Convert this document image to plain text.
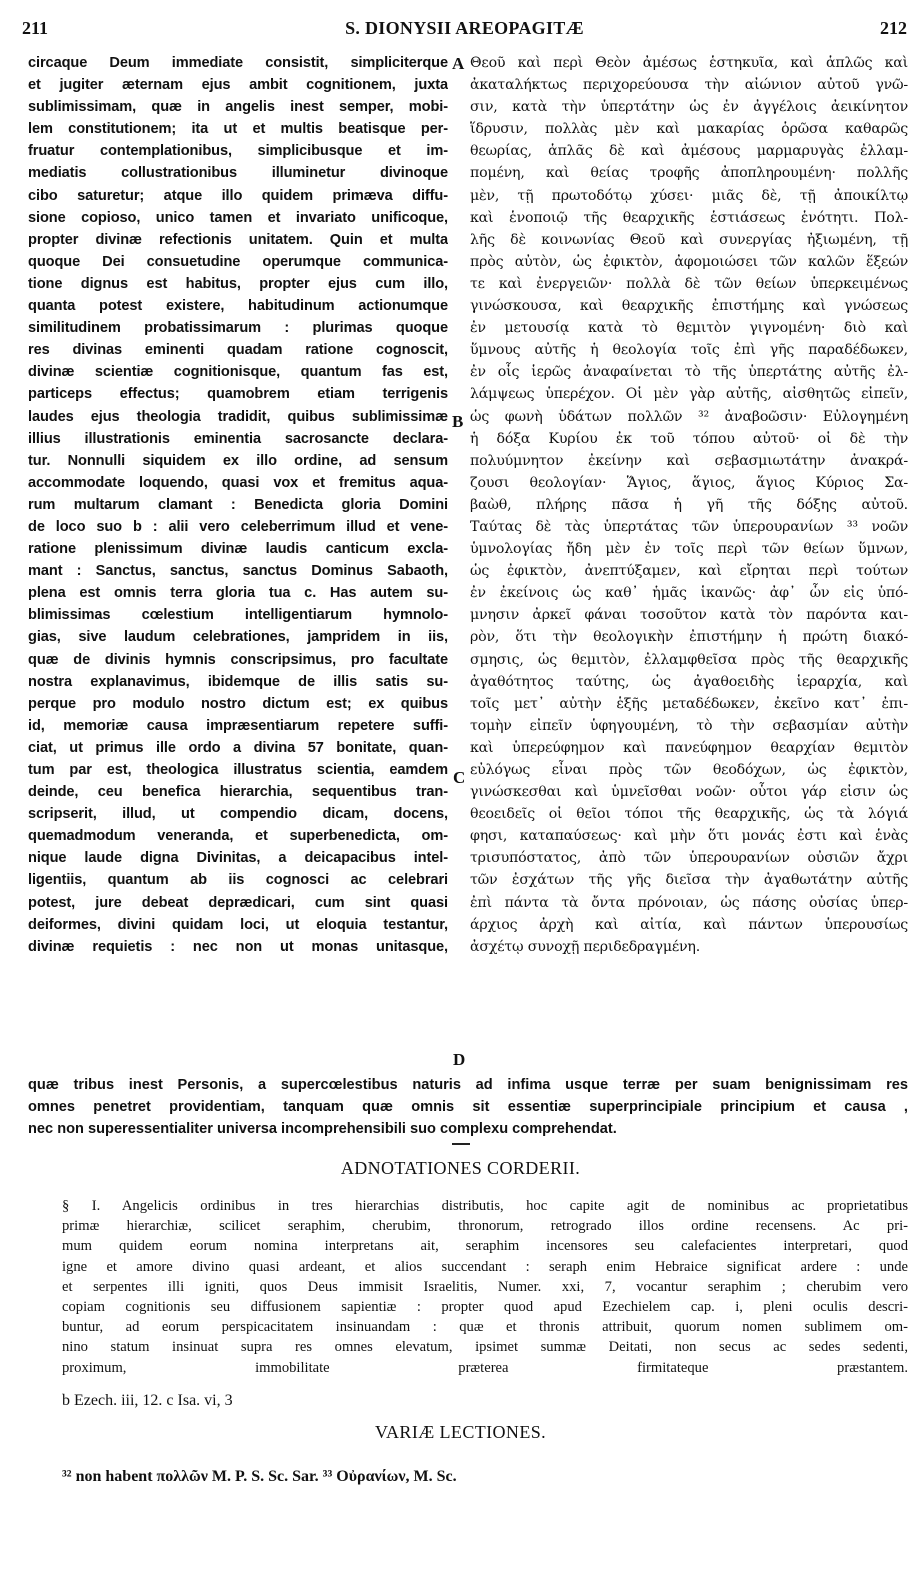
211	S. DIONYSII AREOPAGITÆ	212
circaque Deum immediate consistit, simpliciterque
et jugiter æternam ejus ambit cognitionem, juxta
sublimissimam, quæ in angelis inest semper, mobi-
lem constitutionem; ita ut et multis beatisque per-
fruatur contemplationibus, simplicibusque et im-
mediatis collustrationibus illuminetur divinoque
cibo saturetur; atque illo quidem primæva diffu-
sione copioso, unico tamen et invariato unificoque,
propter divinæ refectionis unitatem. Quin et multa
quoque Dei consuetudine operumque communica-
tione dignus est habitus, propter ejus cum illo,
quanta potest existere, habitudinum actionumque
similitudinem probatissimarum : plurimas quoque
res divinas eminenti quadam ratione cognoscit,
divinæ scientiæ cognitionisque, quantum fas est,
particeps effectus; quamobrem etiam terrigenis
laudes ejus theologia tradidit, quibus sublimissimæ
illius illustrationis eminentia sacrosancte declara-
tur. Nonnulli siquidem ex illo ordine, ad sensum
accommodate loquendo, quasi vox et fremitus aqua-
rum multarum clamant : Benedicta gloria Domini
de loco suo b : alii vero celeberrimum illud et vene-
ratione plenissimum divinæ laudis canticum excla-
mant : Sanctus, sanctus, sanctus Dominus Sabaoth,
plena est omnis terra gloria tua c. Has autem su-
blimissimas cœlestium intelligentiarum hymnolo-
gias, sive laudum celebrationes, jampridem in iis,
quæ de divinis hymnis conscripsimus, pro facultate
nostra explanavimus, ibidemque de illis satis su-
perque pro modulo nostro dictum est; ex quibus
id, memoriæ causa impræsentiarum repetere suffi-
ciat, ut primus ille ordo a divina 57 bonitate, quan-
tum par est, theologica illustratus scientia, eamdem
deinde, ceu benefica hierarchia, sequentibus tran-
scripserit, illud, ut compendio dicam, docens,
quemadmodum veneranda, et superbenedicta, om-
nique laude digna Divinitas, a deicapacibus intel-
ligentiis, quantum ab iis cognosci ac celebrari
potest, jure debeat deprædicari, cum sint quasi
deiformes, divini quidam loci, ut eloquia testantur,
divinæ requietis : nec non ut monas unitasque,
Θεοῦ καὶ περὶ Θεὸν ἀμέσως ἑστηκυῖα, καὶ ἁπλῶς καὶ
ἀκαταλήκτως περιχορεύουσα τὴν αἰώνιον αὐτοῦ γνῶ-
σιν, κατὰ τὴν ὑπερτάτην ὡς ἐν ἀγγέλοις ἀεικίνητον
ἵδρυσιν, πολλὰς μὲν καὶ μακαρίας ὁρῶσα καθαρῶς
θεωρίας, ἁπλᾶς δὲ καὶ ἀμέσους μαρμαρυγὰς ἐλλαμ-
πομένη, καὶ θείας τροφῆς ἀποπληρουμένη· πολλῆς
μὲν, τῇ πρωτοδότῳ χύσει· μιᾶς δὲ, τῇ ἀποικίλτῳ
καὶ ἑνοποιῷ τῆς θεαρχικῆς ἑστιάσεως ἑνότητι. Πολ-
λῆς δὲ κοινωνίας Θεοῦ καὶ συνεργίας ἠξιωμένη, τῇ
πρὸς αὐτὸν, ὡς ἐφικτὸν, ἀφομοιώσει τῶν καλῶν ἕξεών
τε καὶ ἐνεργειῶν· πολλὰ δὲ τῶν θείων ὑπερκειμένως
γινώσκουσα, καὶ θεαρχικῆς ἐπιστήμης καὶ γνώσεως
ἐν μετουσίᾳ κατὰ τὸ θεμιτὸν γιγνομένη· διὸ καὶ
ὕμνους αὐτῆς ἡ θεολογία τοῖς ἐπὶ γῆς παραδέδωκεν,
ἐν οἷς ἱερῶς ἀναφαίνεται τὸ τῆς ὑπερτάτης αὐτῆς ἐλ-
λάμψεως ὑπερέχον. Οἱ μὲν γὰρ αὐτῆς, αἰσθητῶς εἰπεῖν,
ὡς φωνὴ ὑδάτων πολλῶν ³² ἀναβοῶσιν· Εὐλογημένη
ἡ δόξα Κυρίου ἐκ τοῦ τόπου αὐτοῦ· οἱ δὲ τὴν
πολυύμνητον ἐκείνην καὶ σεβασμιωτάτην ἀνακρά-
ζουσι θεολογίαν· Ἅγιος, ἅγιος, ἅγιος Κύριος Σα-
βαὼθ, πλήρης πᾶσα ἡ γῆ τῆς δόξης αὐτοῦ.
Ταύτας δὲ τὰς ὑπερτάτας τῶν ὑπερουρανίων ³³ νοῶν
ὑμνολογίας ἤδη μὲν ἐν τοῖς περὶ τῶν θείων ὕμνων,
ὡς ἐφικτὸν, ἀνεπτύξαμεν, καὶ εἴρηται περὶ τούτων
ἐν ἐκείνοις ὡς καθ᾽ ἡμᾶς ἱκανῶς· ἀφ᾽ ὧν εἰς ὑπό-
μνησιν ἀρκεῖ φάναι τοσοῦτον κατὰ τὸν παρόντα και-
ρὸν, ὅτι τὴν θεολογικὴν ἐπιστήμην ἡ πρώτη διακό-
σμησις, ὡς θεμιτὸν, ἐλλαμφθεῖσα πρὸς τῆς θεαρχικῆς
ἀγαθότητος ταύτης, ὡς ἀγαθοειδὴς ἱεραρχία, καὶ
τοῖς μετ᾽ αὐτὴν ἑξῆς μεταδέδωκεν, ἐκεῖνο κατ᾽ ἐπι-
τομὴν εἰπεῖν ὑφηγουμένη, τὸ τὴν σεβασμίαν αὐτὴν
καὶ ὑπερεύφημον καὶ πανεύφημον θεαρχίαν θεμιτὸν
εὐλόγως εἶναι πρὸς τῶν θεοδόχων, ὡς ἐφικτὸν,
γινώσκεσθαι καὶ ὑμνεῖσθαι νοῶν· οὗτοι γάρ εἰσιν ὡς
θεοειδεῖς οἱ θεῖοι τόποι τῆς θεαρχικῆς, ὡς τὰ λόγιά
φησι, καταπαύσεως· καὶ μὴν ὅτι μονάς ἐστι καὶ ἑνὰς
τρισυπόστατος, ἀπὸ τῶν ὑπερουρανίων οὐσιῶν ἄχρι
τῶν ἐσχάτων τῆς γῆς διεῖσα τὴν ἀγαθωτάτην αὐτῆς
ἐπὶ πάντα τὰ ὄντα πρόνοιαν, ὡς πάσης οὐσίας ὑπερ-
άρχιος ἀρχὴ καὶ αἰτία, καὶ πάντων ὑπερουσίως
ἀσχέτῳ συνοχῇ περιδεδραγμένη.
A
B
C
D
quæ tribus inest Personis, a supercœlestibus naturis ad infima usque terræ per suam benignissimam res
omnes penetret providentiam, tanquam quæ omnis sit essentiæ superprincipiale principium et causa ,
nec non superessentialiter universa incomprehensibili suo complexu comprehendat.
ADNOTATIONES CORDERII.
§ I. Angelicis ordinibus in tres hierarchias distributis, hoc capite agit de nominibus ac proprietatibus
primæ hierarchiæ, scilicet seraphim, cherubim, thronorum, retrogrado illos ordine recensens. Ac pri-
mum quidem eorum nomina interpretans ait, seraphim incensores seu calefacientes interpretari, quod
igne et amore divino quasi ardeant, et alios succendant : seraph enim Hebraice significat ardere : unde
et serpentes illi igniti, quos Deus immisit Israelitis, Numer. xxi, 7, vocantur seraphim ; cherubim vero
copiam cognitionis seu diffusionem sapientiæ : propter quod apud Ezechielem cap. i, pleni oculis descri-
buntur, ad eorum perspicacitatem insinuandam : quæ et thronis attribuit, quorum nomen sublimem om-
nino statum insinuat supra res omnes elevatum, ipsimet summæ Deitati, non secus ac sedes sedenti,
proximum, immobilitate præterea firmitateque præstantem.
b Ezech. iii, 12. c Isa. vi, 3
VARIÆ LECTIONES.
³² non habent πολλῶν M. P. S. Sc. Sar. ³³ Οὐρανίων, M. Sc.
